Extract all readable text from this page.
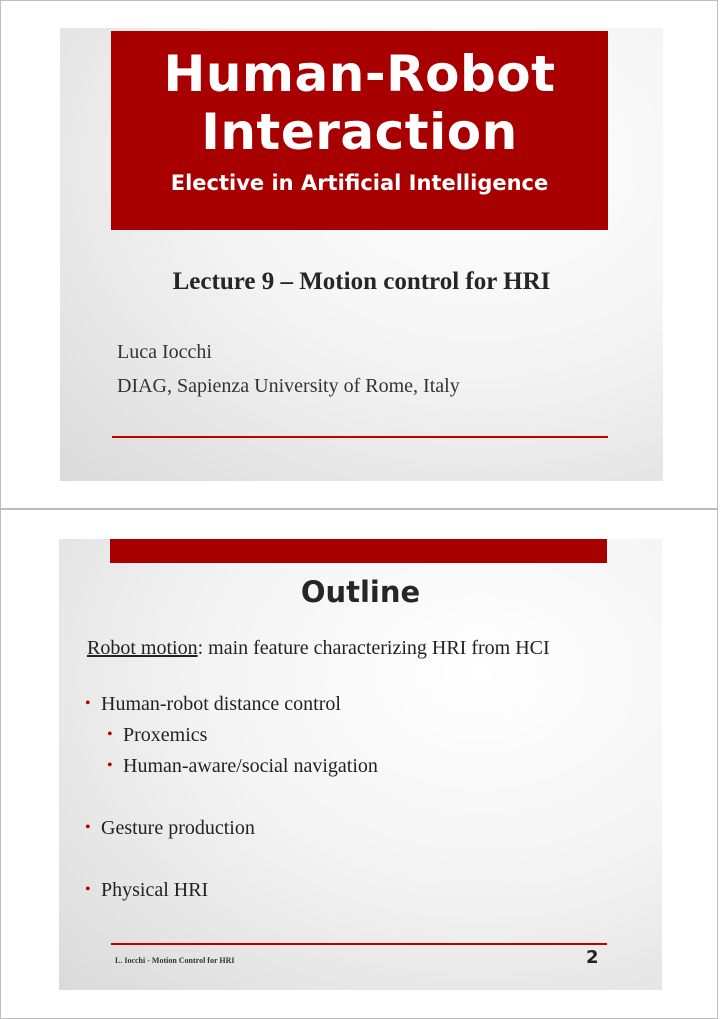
Human-Robot
Interaction
Elective in Artificial Intelligence
Lecture 9 – Motion control for HRI
Luca Iocchi
DIAG, Sapienza University of Rome, Italy
Outline
Robot motion: main feature characterizing HRI from HCI
• Human-robot distance control
• Proxemics
• Human-aware/social navigation
• Gesture production
• Physical HRI
L. Iocchi - Motion Control for HRI	2
